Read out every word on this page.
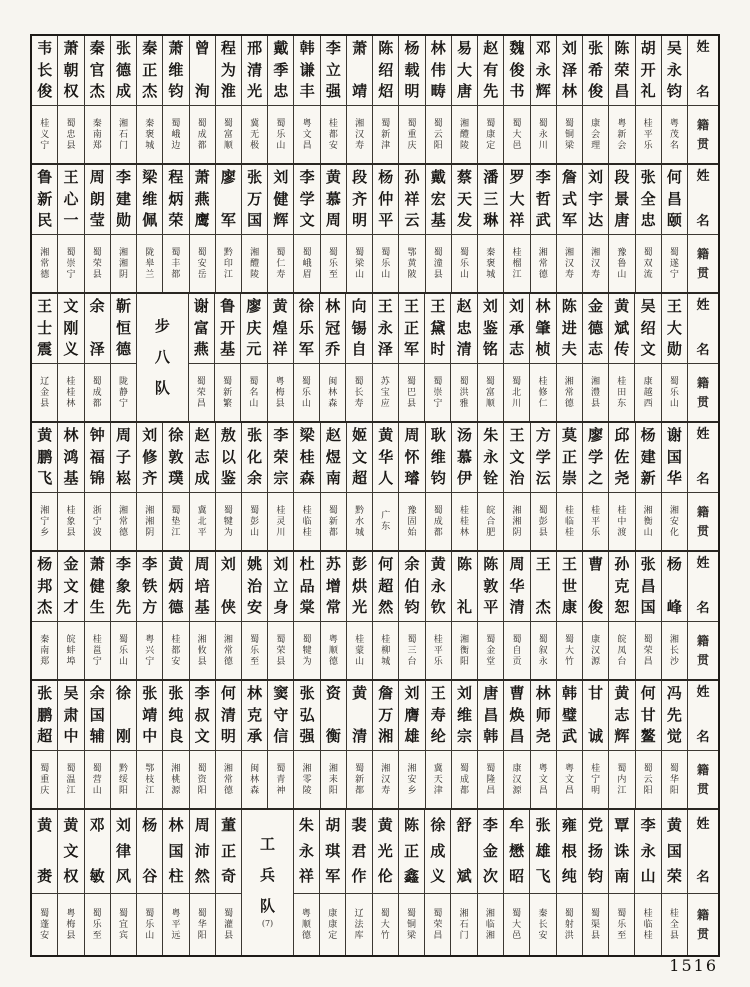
姓
名
籍
贯
吴
永
钧
粤
茂
名
胡
开
礼
桂
平
乐
陈
荣
昌
粤
新
会
张
希
俊
康
会
理
刘
泽
林
蜀
铜
梁
邓
永
辉
蜀
永
川
魏
俊
书
蜀
大
邑
赵
有
先
蜀
康
定
易
大
唐
湘
醴
陵
林
伟
畴
蜀
云
阳
杨
载
明
蜀
重
庆
陈
绍
炤
蜀
新
津
萧
靖
湘
汉
寿
李
立
强
桂
都
安
韩
谦
丰
粤
文
昌
戴
季
忠
蜀
乐
山
邢
清
光
冀
无
极
程
为
淮
蜀
富
顺
曾
洵
蜀
成
都
萧
维
钧
蜀
峨
边
秦
正
杰
秦
褒
城
张
德
成
湘
石
门
秦
官
杰
秦
南
郑
萧
朝
权
蜀
忠
县
韦
长
俊
桂
义
宁
姓
名
籍
贯
何
昌
颐
蜀
遂
宁
张
全
忠
蜀
双
流
段
景
唐
豫
鲁
山
刘
宇
达
湘
汉
寿
詹
式
军
湘
汉
寿
李
哲
武
湘
常
德
罗
大
祥
桂
榴
江
潘
三
琳
秦
褒
城
蔡
天
发
蜀
乐
山
戴
宏
基
蜀
潼
县
孙
祥
云
鄂
黄
陂
杨
仲
平
蜀
乐
山
段
齐
明
蜀
梁
山
黄
慕
周
蜀
乐
至
李
学
文
蜀
峨
眉
刘
健
辉
蜀
仁
寿
张
万
国
湘
醴
陵
廖
军
黔
印
江
萧
燕
鹰
蜀
安
岳
程
炳
荣
蜀
丰
都
梁
维
佩
陇
皋
兰
李
建
勋
湘
湘
阴
周
朗
莹
蜀
荣
县
王
心
一
蜀
崇
宁
鲁
新
民
湘
常
德
姓
名
籍
贯
王
大
勋
蜀
乐
山
吴
绍
文
康
越
西
黄
斌
传
桂
田
东
金
德
志
湘
澧
县
陈
进
夫
湘
常
德
林
肇
桢
桂
修
仁
刘
承
志
蜀
北
川
刘
鉴
铭
蜀
富
顺
赵
忠
清
蜀
洪
雅
王
黛
时
蜀
崇
宁
王
正
军
蜀
巴
县
王
永
泽
苏
宝
应
向
锡
自
蜀
长
寿
林
冠
乔
闽
林
森
徐
乐
军
蜀
乐
山
黄
煌
祥
粤
梅
县
廖
庆
元
蜀
名
山
鲁
开
基
蜀
新
繁
谢
富
燕
蜀
荣
昌
步
八
队
靳
恒
德
陇
静
宁
余
泽
蜀
成
都
文
刚
义
桂
桂
林
王
士
震
辽
金
县
姓
名
籍
贯
谢
国
华
湘
安
化
杨
建
新
湘
衡
山
邱
佐
尧
桂
中
渡
廖
学
之
桂
平
乐
莫
正
崇
桂
临
桂
方
学
沄
蜀
彭
县
王
文
治
湘
湘
阴
朱
永
铨
皖
合
肥
汤
慕
伊
桂
桂
林
耿
维
钧
蜀
成
都
周
怀
璿
豫
固
始
黄
华
人
广
东
姬
文
超
黔
水
城
赵
煜
南
蜀
新
都
梁
桂
森
桂
临
桂
李
荣
宗
桂
灵
川
张
化
余
蜀
彭
山
敖
以
鉴
蜀
犍
为
赵
志
成
冀
北
平
徐
敦
璞
蜀
垫
江
刘
修
齐
湘
湘
阴
周
子
崧
湘
常
德
钟
福
锦
浙
宁
波
林
鸿
基
桂
象
县
黄
鹏
飞
湘
宁
乡
姓
名
籍
贯
杨
峰
湘
长
沙
张
昌
国
蜀
荣
昌
孙
克
恕
皖
凤
台
曹
俊
康
汉
源
王
世
康
蜀
大
竹
王
杰
蜀
叙
永
周
华
清
蜀
自
贡
陈
敦
平
蜀
金
堂
陈
礼
湘
衡
阳
黄
永
钦
桂
平
乐
余
伯
钧
蜀
三
台
何
超
然
桂
柳
城
彭
烘
光
桂
蒙
山
苏
增
常
粤
顺
德
杜
品
棠
蜀
犍
为
刘
立
身
蜀
荣
县
姚
治
安
蜀
乐
至
刘
侠
湘
常
德
周
培
基
湘
攸
县
黄
炳
德
桂
都
安
李
铁
方
粤
兴
宁
李
象
先
蜀
乐
山
萧
健
生
桂
邕
宁
金
文
才
皖
蚌
埠
杨
邦
杰
秦
南
郑
姓
名
籍
贯
冯
先
觉
蜀
华
阳
何
甘
鳌
蜀
云
阳
黄
志
辉
蜀
内
江
甘
诚
桂
宁
明
韩
璧
武
粤
文
昌
林
师
尧
粤
文
昌
曹
焕
昌
康
汉
源
唐
昌
韩
蜀
隆
昌
刘
维
宗
蜀
成
都
王
寿
纶
冀
天
津
刘
膺
雄
湘
安
乡
詹
万
湘
湘
汉
寿
黄
清
蜀
新
都
资
衡
湘
耒
阳
张
弘
强
湘
零
陵
窦
守
信
蜀
青
神
林
克
承
闽
林
森
何
清
明
湘
常
德
李
叔
文
蜀
资
阳
张
纯
良
湘
桃
源
张
靖
中
鄂
枝
江
徐
刚
黔
绥
阳
余
国
辅
蜀
营
山
吴
肃
中
蜀
温
江
张
鹏
超
蜀
重
庆
姓
名
籍
贯
黄
国
荣
桂
全
县
李
永
山
桂
临
桂
覃
诛
南
蜀
乐
至
党
扬
钧
蜀
渠
县
雍
根
纯
蜀
射
洪
张
雄
飞
秦
长
安
牟
懋
昭
蜀
大
邑
李
金
次
湘
临
湘
舒
斌
湘
石
门
徐
成
义
蜀
荣
昌
陈
正
鑫
蜀
铜
梁
黄
光
伦
蜀
大
竹
裴
君
作
辽
法
库
胡
琪
军
康
康
定
朱
永
祥
粤
顺
德
工
兵
队
(7)
董
正
奇
蜀
灌
县
周
沛
然
蜀
华
阳
林
国
柱
粤
平
远
杨
谷
蜀
乐
山
刘
律
风
蜀
宜
宾
邓
敏
蜀
乐
至
黄
文
权
粤
梅
县
黄
赉
蜀
蓬
安
1516
